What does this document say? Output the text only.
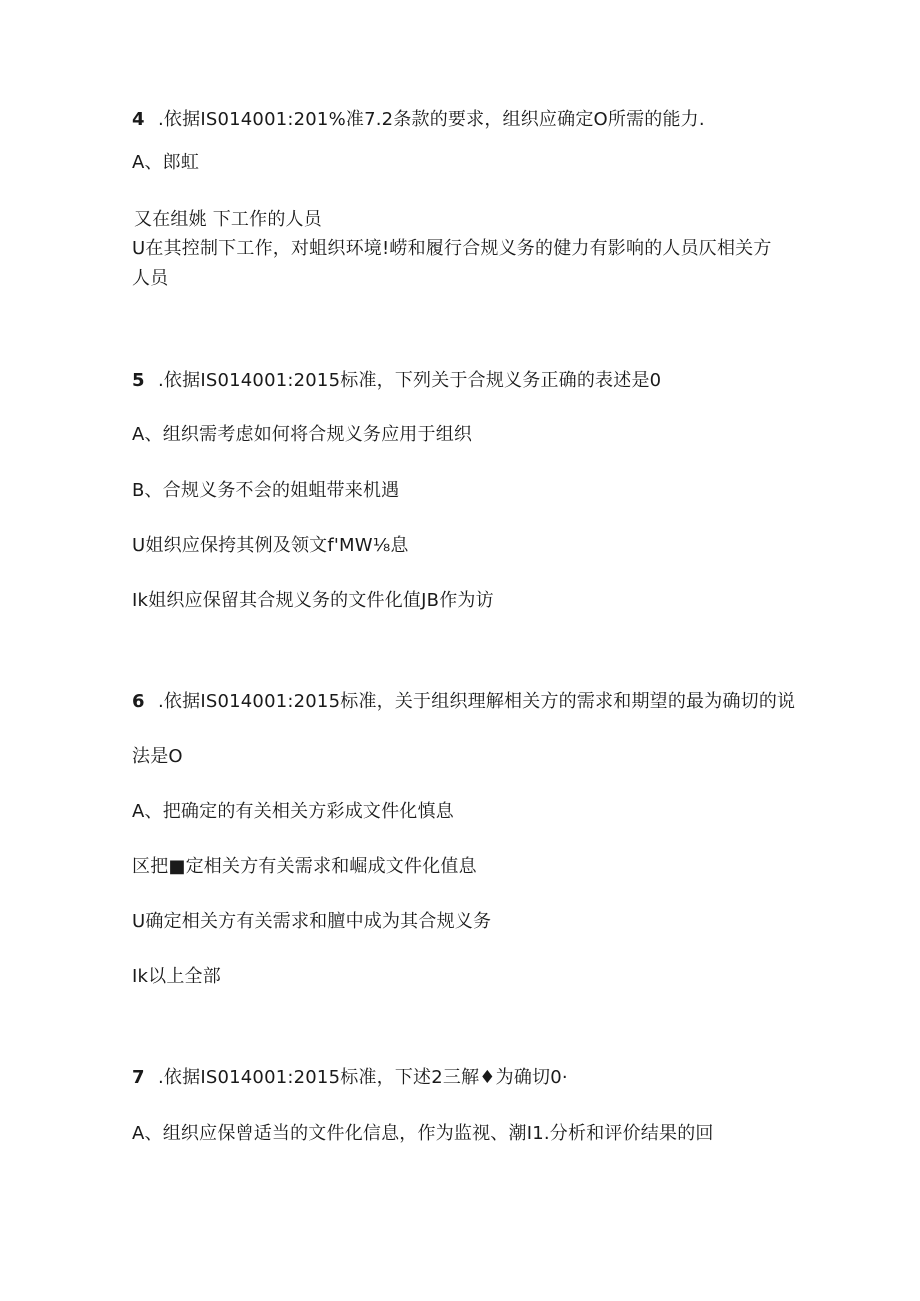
4 .依据IS014001:201%准7.2条款的要求，组织应确定O所需的能力.
A、郎虹
又在组姚 下工作的人员
U在其控制下工作，对蛆织环境!崂和履行合规义务的健力有影响的人员仄相关方
人员
5 .依据IS014001:2015标准，下列关于合规义务正确的表述是0
A、组织需考虑如何将合规义务应用于组织
B、合规义务不会的姐蛆带来机遇
U姐织应保挎其例及领文f'MW⅛息
Ik姐织应保留其合规义务的文件化值JB作为访
6 .依据IS014001:2015标准，关于组织理解相关方的需求和期望的最为确切的说
法是O
A、把确定的有关相关方彩成文件化慎息
区把■定相关方有关需求和崛成文件化值息
U确定相关方有关需求和膻中成为其合规义务
Ik以上全部
7 .依据IS014001:2015标准，下述2三解♦为确切0·
A、组织应保曾适当的文件化信息，作为监视、潮I1.分析和评价结果的回
